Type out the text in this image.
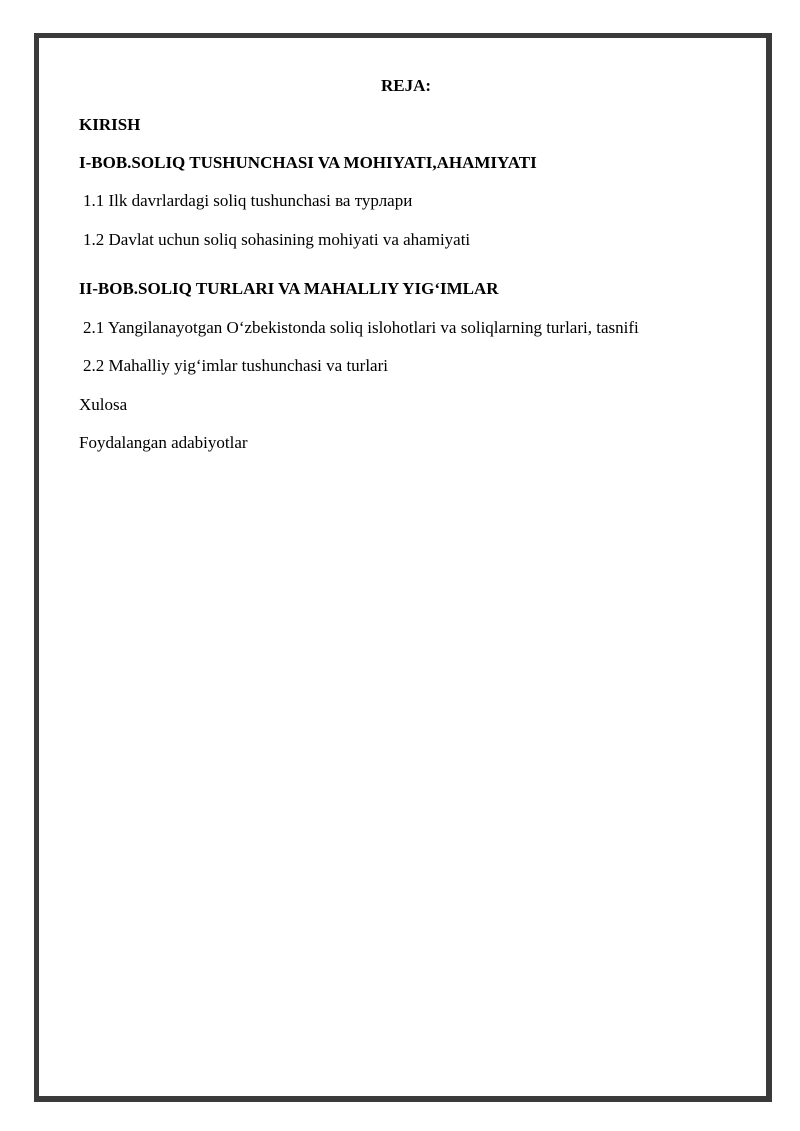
REJA:
KIRISH
I-BOB.SOLIQ TUSHUNCHASI VA MOHIYATI,AHAMIYATI
1.1 Ilk davrlardagi soliq tushunchasi ва турлари
1.2 Davlat uchun soliq sohasining mohiyati va ahamiyati
II-BOB.SOLIQ TURLARI VA MAHALLIY YIG‘IMLAR
2.1 Yangilanayotgan O‘zbekistonda soliq islohotlari va soliqlarning turlari, tasnifi
2.2 Mahalliy yig‘imlar tushunchasi va turlari
Xulosa
Foydalangan adabiyotlar
